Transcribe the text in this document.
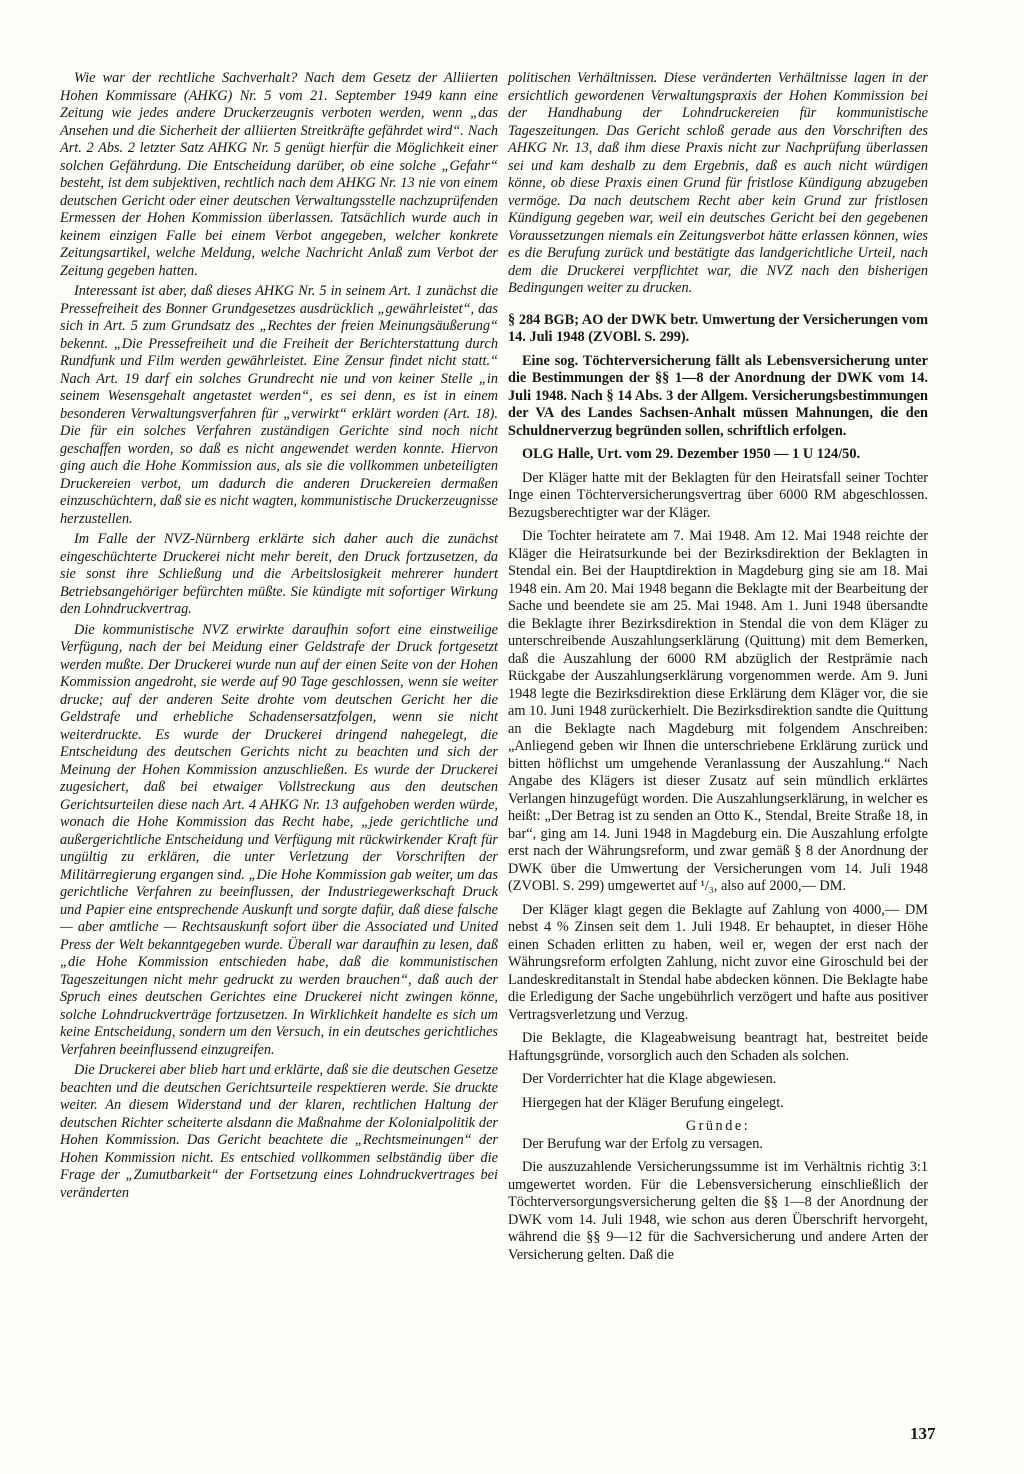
Wie war der rechtliche Sachverhalt? Nach dem Gesetz der Alliierten Hohen Kommissare (AHKG) Nr. 5 vom 21. September 1949 kann eine Zeitung wie jedes andere Druckerzeugnis verboten werden, wenn „das Ansehen und die Sicherheit der alliierten Streitkräfte gefährdet wird“. Nach Art. 2 Abs. 2 letzter Satz AHKG Nr. 5 genügt hierfür die Möglichkeit einer solchen Gefährdung. Die Entscheidung darüber, ob eine solche „Gefahr“ besteht, ist dem subjektiven, rechtlich nach dem AHKG Nr. 13 nie von einem deutschen Gericht oder einer deutschen Verwaltungsstelle nachzuprüfenden Ermessen der Hohen Kommission überlassen. Tatsächlich wurde auch in keinem einzigen Falle bei einem Verbot angegeben, welcher konkrete Zeitungsartikel, welche Meldung, welche Nachricht Anlaß zum Verbot der Zeitung gegeben hatten.

Interessant ist aber, daß dieses AHKG Nr. 5 in seinem Art. 1 zunächst die Pressefreiheit des Bonner Grundgesetzes ausdrücklich „gewährleistet“, das sich in Art. 5 zum Grundsatz des „Rechtes der freien Meinungsäußerung“ bekennt. „Die Pressefreiheit und die Freiheit der Berichterstattung durch Rundfunk und Film werden gewährleistet. Eine Zensur findet nicht statt.“ Nach Art. 19 darf ein solches Grundrecht nie und von keiner Stelle „in seinem Wesensgehalt angetastet werden“, es sei denn, es ist in einem besonderen Verwaltungsverfahren für „verwirkt“ erklärt worden (Art. 18). Die für ein solches Verfahren zuständigen Gerichte sind noch nicht geschaffen worden, so daß es nicht angewendet werden konnte. Hiervon ging auch die Hohe Kommission aus, als sie die vollkommen unbeteiligten Druckereien verbot, um dadurch die anderen Druckereien dermaßen einzuschüchtern, daß sie es nicht wagten, kommunistische Druckerzeugnisse herzustellen.

Im Falle der NVZ-Nürnberg erklärte sich daher auch die zunächst eingeschüchterte Druckerei nicht mehr bereit, den Druck fortzusetzen, da sie sonst ihre Schließung und die Arbeitslosigkeit mehrerer hundert Betriebsangehöriger befürchten müßte. Sie kündigte mit sofortiger Wirkung den Lohndruckvertrag.

Die kommunistische NVZ erwirkte daraufhin sofort eine einstweilige Verfügung, nach der bei Meidung einer Geldstrafe der Druck fortgesetzt werden mußte. Der Druckerei wurde nun auf der einen Seite von der Hohen Kommission angedroht, sie werde auf 90 Tage geschlossen, wenn sie weiter drucke; auf der anderen Seite drohte vom deutschen Gericht her die Geldstrafe und erhebliche Schadensersatzfolgen, wenn sie nicht weiterdruckte. Es wurde der Druckerei dringend nahegelegt, die Entscheidung des deutschen Gerichts nicht zu beachten und sich der Meinung der Hohen Kommission anzuschließen. Es wurde der Druckerei zugesichert, daß bei etwaiger Vollstreckung aus den deutschen Gerichtsurteilen diese nach Art. 4 AHKG Nr. 13 aufgehoben werden würde, wonach die Hohe Kommission das Recht habe, „jede gerichtliche und außergerichtliche Entscheidung und Verfügung mit rückwirkender Kraft für ungültig zu erklären, die unter Verletzung der Vorschriften der Militärregierung ergangen sind. „Die Hohe Kommission gab weiter, um das gerichtliche Verfahren zu beeinflussen, der Industriegewerkschaft Druck und Papier eine entsprechende Auskunft und sorgte dafür, daß diese falsche — aber amtliche — Rechtsauskunft sofort über die Associated und United Press der Welt bekanntgegeben wurde. Überall war daraufhin zu lesen, daß „die Hohe Kommission entschieden habe, daß die kommunistischen Tageszeitungen nicht mehr gedruckt zu werden brauchen“, daß auch der Spruch eines deutschen Gerichtes eine Druckerei nicht zwingen könne, solche Lohndruckverträge fortzusetzen. In Wirklichkeit handelte es sich um keine Entscheidung, sondern um den Versuch, in ein deutsches gerichtliches Verfahren beeinflussend einzugreifen.

Die Druckerei aber blieb hart und erklärte, daß sie die deutschen Gesetze beachten und die deutschen Gerichtsurteile respektieren werde. Sie druckte weiter. An diesem Widerstand und der klaren, rechtlichen Haltung der deutschen Richter scheiterte alsdann die Maßnahme der Kolonialpolitik der Hohen Kommission. Das Gericht beachtete die „Rechtsmeinungen“ der Hohen Kommission nicht. Es entschied vollkommen selbständig über die Frage der „Zumutbarkeit“ der Fortsetzung eines Lohndruckvertrages bei veränderten

politischen Verhältnissen. Diese veränderten Verhältnisse lagen in der ersichtlich gewordenen Verwaltungspraxis der Hohen Kommission bei der Handhabung der Lohndruckereien für kommunistische Tageszeitungen. Das Gericht schloß gerade aus den Vorschriften des AHKG Nr. 13, daß ihm diese Praxis nicht zur Nachprüfung überlassen sei und kam deshalb zu dem Ergebnis, daß es auch nicht würdigen könne, ob diese Praxis einen Grund für fristlose Kündigung abzugeben vermöge. Da nach deutschem Recht aber kein Grund zur fristlosen Kündigung gegeben war, weil ein deutsches Gericht bei den gegebenen Voraussetzungen niemals ein Zeitungsverbot hätte erlassen können, wies es die Berufung zurück und bestätigte das landgerichtliche Urteil, nach dem die Druckerei verpflichtet war, die NVZ nach den bisherigen Bedingungen weiter zu drucken.

§ 284 BGB; AO der DWK betr. Umwertung der Versicherungen vom 14. Juli 1948 (ZVOBl. S. 299).

Eine sog. Töchterversicherung fällt als Lebensversicherung unter die Bestimmungen der §§ 1—8 der Anordnung der DWK vom 14. Juli 1948. Nach § 14 Abs. 3 der Allgem. Versicherungsbestimmungen der VA des Landes Sachsen-Anhalt müssen Mahnungen, die den Schuldnerverzug begründen sollen, schriftlich erfolgen.

OLG Halle, Urt. vom 29. Dezember 1950 — 1 U 124/50.

Der Kläger hatte mit der Beklagten für den Heiratsfall seiner Tochter Inge einen Töchterversicherungsvertrag über 6000 RM abgeschlossen. Bezugsberechtigter war der Kläger.

Die Tochter heiratete am 7. Mai 1948. Am 12. Mai 1948 reichte der Kläger die Heiratsurkunde bei der Bezirksdirektion der Beklagten in Stendal ein. Bei der Hauptdirektion in Magdeburg ging sie am 18. Mai 1948 ein. Am 20. Mai 1948 begann die Beklagte mit der Bearbeitung der Sache und beendete sie am 25. Mai 1948. Am 1. Juni 1948 übersandte die Beklagte ihrer Bezirksdirektion in Stendal die von dem Kläger zu unterschreibende Auszahlungserklärung (Quittung) mit dem Bemerken, daß die Auszahlung der 6000 RM abzüglich der Restprämie nach Rückgabe der Auszahlungserklärung vorgenommen werde. Am 9. Juni 1948 legte die Bezirksdirektion diese Erklärung dem Kläger vor, die sie am 10. Juni 1948 zurückerhielt. Die Bezirksdirektion sandte die Quittung an die Beklagte nach Magdeburg mit folgendem Anschreiben: „Anliegend geben wir Ihnen die unterschriebene Erklärung zurück und bitten höflichst um umgehende Veranlassung der Auszahlung.“ Nach Angabe des Klägers ist dieser Zusatz auf sein mündlich erklärtes Verlangen hinzugefügt worden. Die Auszahlungserklärung, in welcher es heißt: „Der Betrag ist zu senden an Otto K., Stendal, Breite Straße 18, in bar“, ging am 14. Juni 1948 in Magdeburg ein. Die Auszahlung erfolgte erst nach der Währungsreform, und zwar gemäß § 8 der Anordnung der DWK über die Umwertung der Versicherungen vom 14. Juli 1948 (ZVOBl. S. 299) umgewertet auf ¹/₃, also auf 2000,— DM.

Der Kläger klagt gegen die Beklagte auf Zahlung von 4000,— DM nebst 4 % Zinsen seit dem 1. Juli 1948. Er behauptet, in dieser Höhe einen Schaden erlitten zu haben, weil er, wegen der erst nach der Währungsreform erfolgten Zahlung, nicht zuvor eine Giroschuld bei der Landeskreditanstalt in Stendal habe abdecken können. Die Beklagte habe die Erledigung der Sache ungebührlich verzögert und hafte aus positiver Vertragsverletzung und Verzug.

Die Beklagte, die Klageabweisung beantragt hat, bestreitet beide Haftungsgründe, vorsorglich auch den Schaden als solchen.

Der Vorderrichter hat die Klage abgewiesen.

Hiergegen hat der Kläger Berufung eingelegt.

Gründe:

Der Berufung war der Erfolg zu versagen.

Die auszuzahlende Versicherungssumme ist im Verhältnis richtig 3:1 umgewertet worden. Für die Lebensversicherung einschließlich der Töchterversorgungsversicherung gelten die §§ 1—8 der Anordnung der DWK vom 14. Juli 1948, wie schon aus deren Überschrift hervorgeht, während die §§ 9—12 für die Sachversicherung und andere Arten der Versicherung gelten. Daß die

137
